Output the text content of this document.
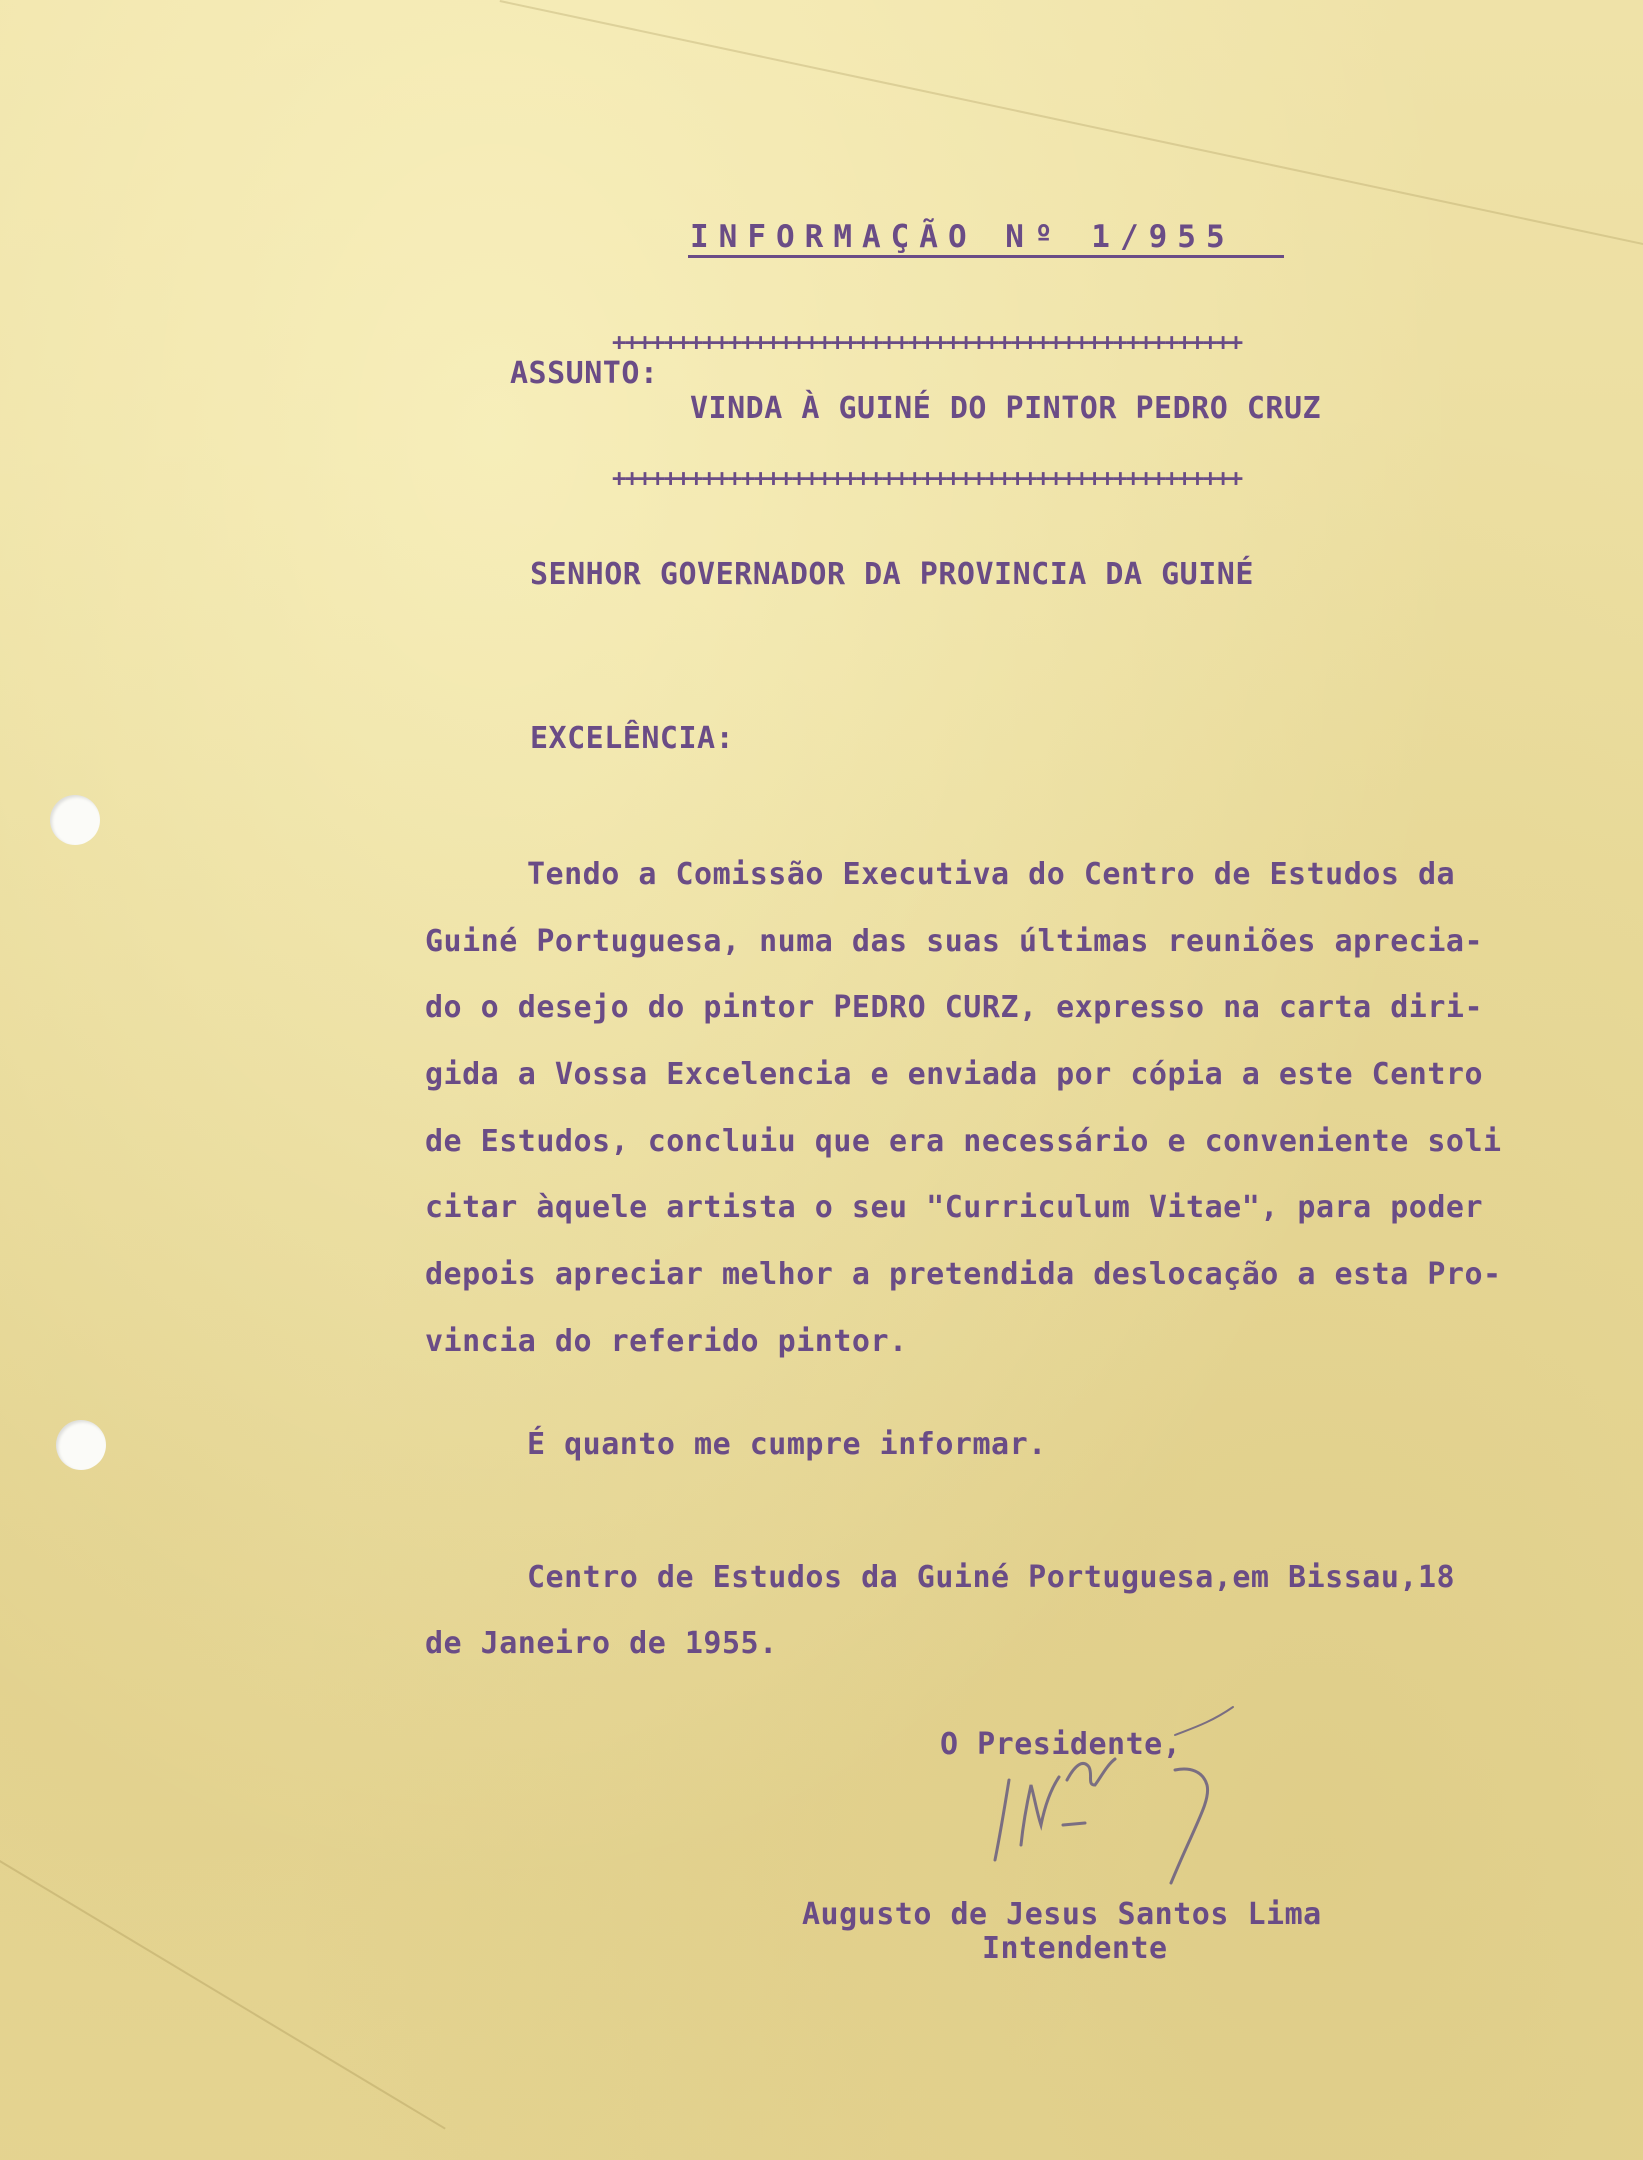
INFORMAÇÃO Nº 1/955
+++++++++++++++++++++++++++++++++++++++++++++++++
ASSUNTO:
VINDA À GUINÉ DO PINTOR PEDRO CRUZ
+++++++++++++++++++++++++++++++++++++++++++++++++
SENHOR GOVERNADOR DA PROVINCIA DA GUINÉ
EXCELÊNCIA:
Tendo a Comissão Executiva do Centro de Estudos da
Guiné Portuguesa, numa das suas últimas reuniões aprecia-
do o desejo do pintor PEDRO CURZ, expresso na carta diri-
gida a Vossa Excelencia e enviada por cópia a este Centro
de Estudos, concluiu que era necessário e conveniente soli
citar àquele artista o seu "Curriculum Vitae", para poder
depois apreciar melhor a pretendida deslocação a esta Pro-
vincia do referido pintor.
É quanto me cumpre informar.
Centro de Estudos da Guiné Portuguesa,em Bissau,18
de Janeiro de 1955.
O Presidente,
Augusto de Jesus Santos Lima
Intendente
